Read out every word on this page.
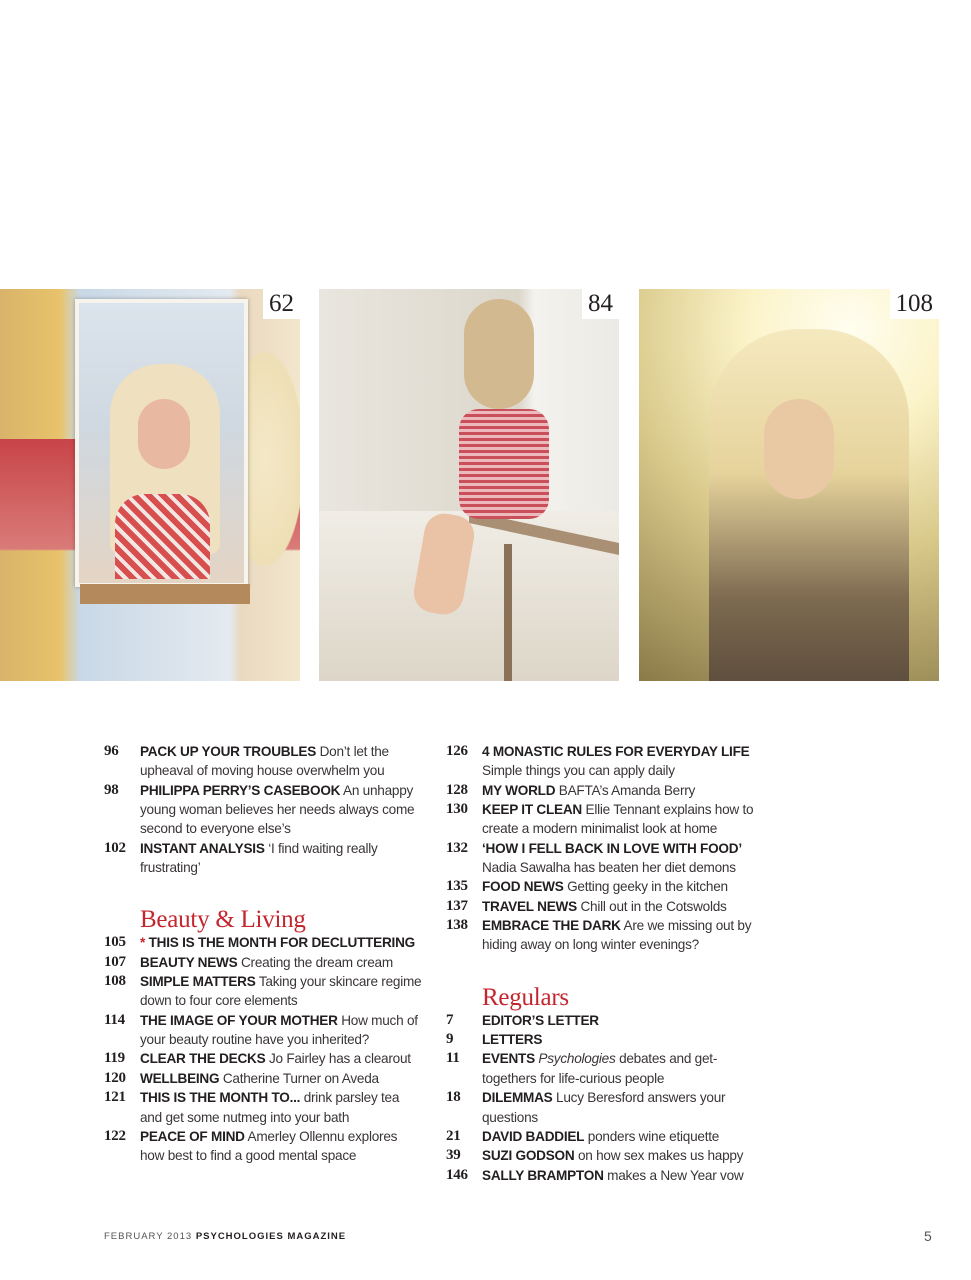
62	84	108
96	PACK UP YOUR TROUBLES Don’t let the upheaval of moving house overwhelm you
98	PHILIPPA PERRY’S CASEBOOK An unhappy young woman believes her needs always come second to everyone else’s
102	INSTANT ANALYSIS ‘I find waiting really frustrating’
Beauty & Living
105	* THIS IS THE MONTH FOR DECLUTTERING
107	BEAUTY NEWS Creating the dream cream
108	SIMPLE MATTERS Taking your skincare regime down to four core elements
114	THE IMAGE OF YOUR MOTHER How much of your beauty routine have you inherited?
119	CLEAR THE DECKS Jo Fairley has a clearout
120	WELLBEING Catherine Turner on Aveda
121	THIS IS THE MONTH TO... drink parsley tea and get some nutmeg into your bath
122	PEACE OF MIND Amerley Ollennu explores how best to find a good mental space
126	4 MONASTIC RULES FOR EVERYDAY LIFE Simple things you can apply daily
128	MY WORLD BAFTA’s Amanda Berry
130	KEEP IT CLEAN Ellie Tennant explains how to create a modern minimalist look at home
132	‘HOW I FELL BACK IN LOVE WITH FOOD’ Nadia Sawalha has beaten her diet demons
135	FOOD NEWS Getting geeky in the kitchen
137	TRAVEL NEWS Chill out in the Cotswolds
138	EMBRACE THE DARK Are we missing out by hiding away on long winter evenings?
Regulars
7	EDITOR’S LETTER
9	LETTERS
11	EVENTS Psychologies debates and get-togethers for life-curious people
18	DILEMMAS Lucy Beresford answers your questions
21	DAVID BADDIEL ponders wine etiquette
39	SUZI GODSON on how sex makes us happy
146	SALLY BRAMPTON makes a New Year vow
FEBRUARY 2013 PSYCHOLOGIES MAGAZINE	5
